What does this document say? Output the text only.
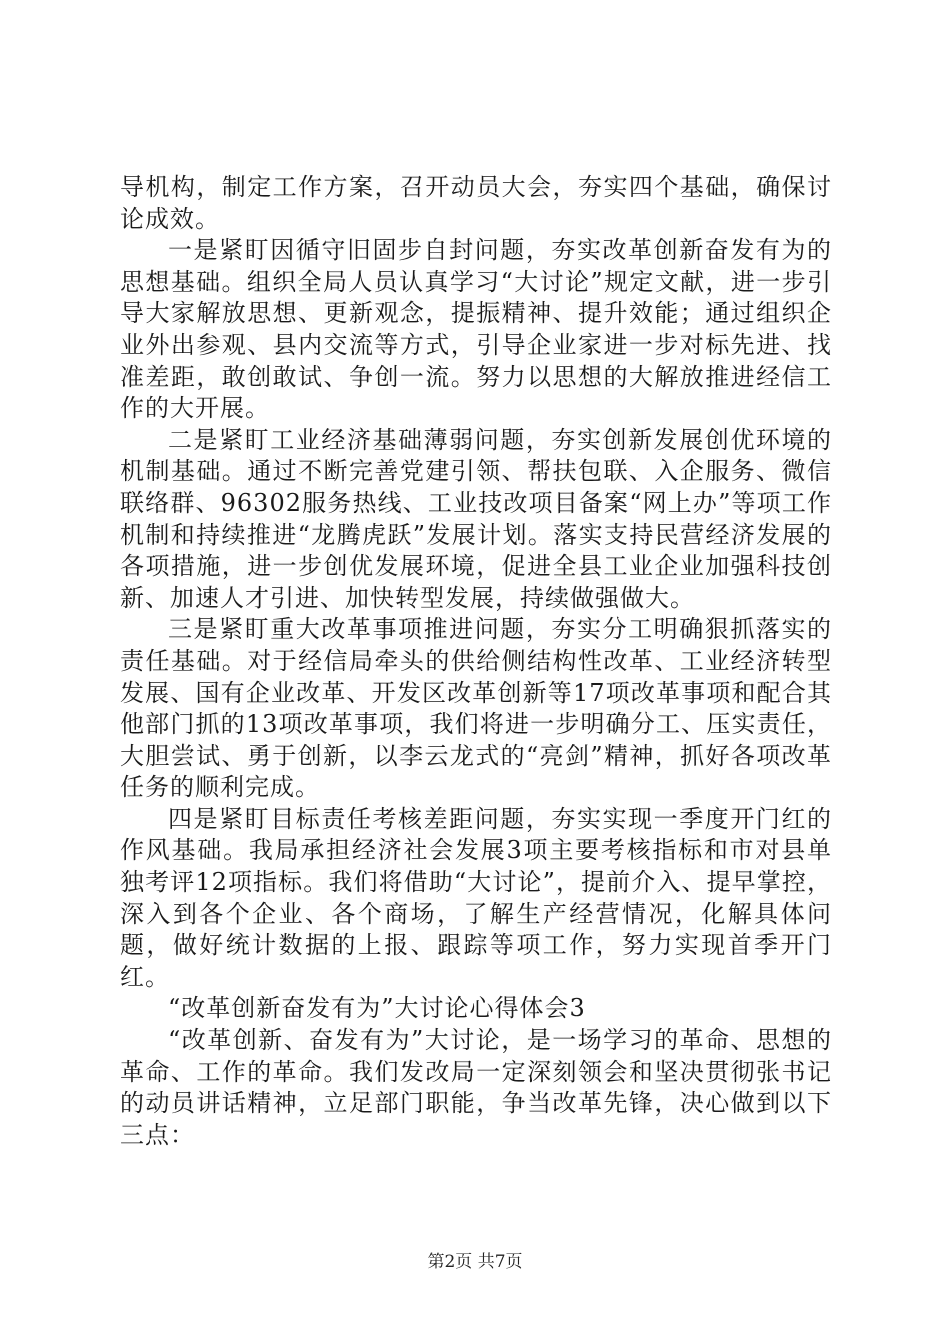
导机构，制定工作方案，召开动员大会，夯实四个基础，确保讨论成效。

一是紧盯因循守旧固步自封问题，夯实改革创新奋发有为的思想基础。组织全局人员认真学习“大讨论”规定文献，进一步引导大家解放思想、更新观念，提振精神、提升效能；通过组织企业外出参观、县内交流等方式，引导企业家进一步对标先进、找准差距，敢创敢试、争创一流。努力以思想的大解放推进经信工作的大开展。

二是紧盯工业经济基础薄弱问题，夯实创新发展创优环境的机制基础。通过不断完善党建引领、帮扶包联、入企服务、微信联络群、96302服务热线、工业技改项目备案“网上办”等项工作机制和持续推进“龙腾虎跃”发展计划。落实支持民营经济发展的各项措施，进一步创优发展环境，促进全县工业企业加强科技创新、加速人才引进、加快转型发展，持续做强做大。

三是紧盯重大改革事项推进问题，夯实分工明确狠抓落实的责任基础。对于经信局牵头的供给侧结构性改革、工业经济转型发展、国有企业改革、开发区改革创新等17项改革事项和配合其他部门抓的13项改革事项，我们将进一步明确分工、压实责任，大胆尝试、勇于创新，以李云龙式的“亮剑”精神，抓好各项改革任务的顺利完成。

四是紧盯目标责任考核差距问题，夯实实现一季度开门红的作风基础。我局承担经济社会发展3项主要考核指标和市对县单独考评12项指标。我们将借助“大讨论”，提前介入、提早掌控，深入到各个企业、各个商场，了解生产经营情况，化解具体问题，做好统计数据的上报、跟踪等项工作，努力实现首季开门红。

“改革创新奋发有为”大讨论心得体会3

“改革创新、奋发有为”大讨论，是一场学习的革命、思想的革命、工作的革命。我们发改局一定深刻领会和坚决贯彻张书记的动员讲话精神，立足部门职能，争当改革先锋，决心做到以下三点：

第2页 共7页
